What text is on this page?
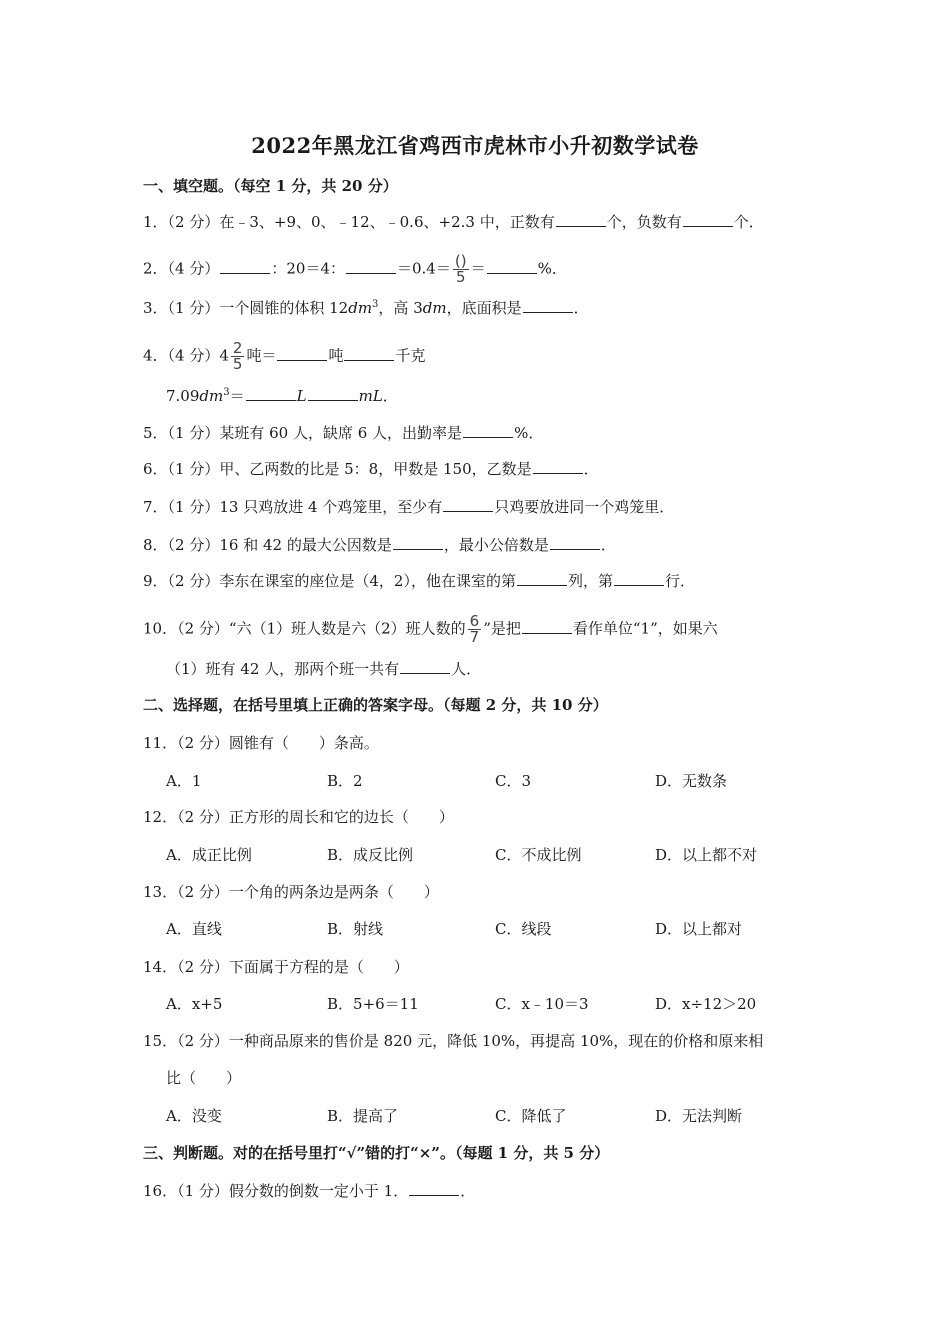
2022年黑龙江省鸡西市虎林市小升初数学试卷
一、填空题。（每空 1 分，共 20 分）
1．（2 分）在﹣3、+9、0、﹣12、﹣0.6、+2.3 中，正数有	个，负数有	个．
2．（4 分）	：20＝4：	$=0.4= \frac{()}{5}$ ＝	%．
3．（1 分）一个圆锥的体积 $12dm^3$，高 3dm，底面积是	．
4．（4 分）$4 \frac{2}{5}$ 吨＝	吨	千克
$7.09dm^3=$	L	mL．
5．（1 分）某班有 60 人，缺席 6 人，出勤率是	%．
6．（1 分）甲、乙两数的比是 5：8，甲数是 150，乙数是	．
7．（1 分）13 只鸡放进 4 个鸡笼里，至少有	只鸡要放进同一个鸡笼里．
8．（2 分）16 和 42 的最大公因数是	，最小公倍数是	．
9．（2 分）李东在课室的座位是（4，2），他在课室的第	列，第	行．
10．（2 分）“六（1）班人数是六（2）班人数的 $\frac{6}{7}$ ”是把	看作单位“1”，如果六
（1）班有 42 人，那两个班一共有	人．
二、选择题，在括号里填上正确的答案字母。（每题 2 分，共 10 分）
11．（2 分）圆锥有（　　）条高。
A．1	B．2	C．3	D．无数条
12．（2 分）正方形的周长和它的边长（　　）
A．成正比例	B．成反比例	C．不成比例	D．以上都不对
13．（2 分）一个角的两条边是两条（　　）
A．直线	B．射线	C．线段	D．以上都对
14．（2 分）下面属于方程的是（　　）
A．x+5	B．5+6＝11	C．x﹣10＝3	D．x÷12＞20
15．（2 分）一种商品原来的售价是 820 元，降低 10%，再提高 10%，现在的价格和原来相
比（　　）
A．没变	B．提高了	C．降低了	D．无法判断
三、判断题。对的在括号里打“√”错的打“×”。（每题 1 分，共 5 分）
16．（1 分）假分数的倒数一定小于 1．	．
